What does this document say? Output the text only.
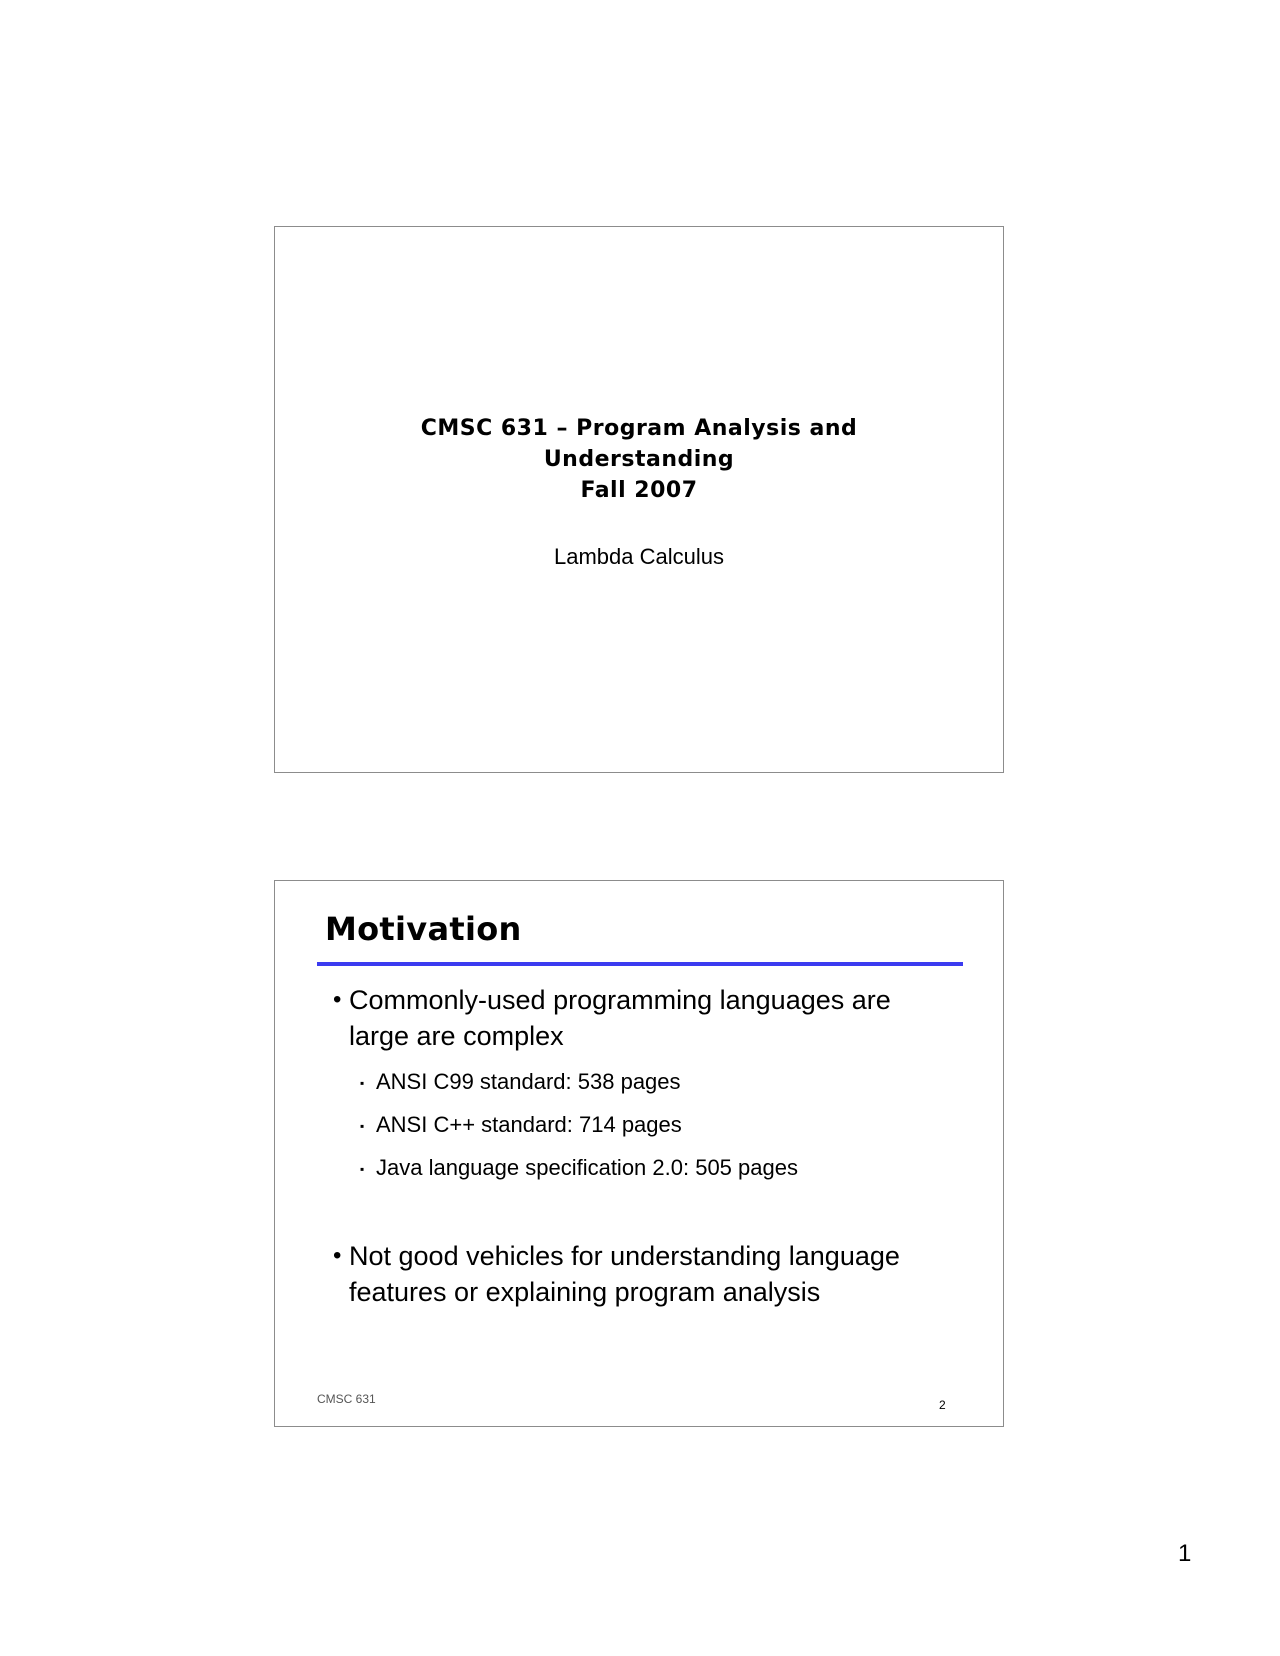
CMSC 631 – Program Analysis and
Understanding
Fall 2007
Lambda Calculus
Motivation
• Commonly-used programming languages are large are complex
▪ ANSI C99 standard: 538 pages
▪ ANSI C++ standard: 714 pages
▪ Java language specification 2.0: 505 pages
• Not good vehicles for understanding language features or explaining program analysis
CMSC 631	2
1
